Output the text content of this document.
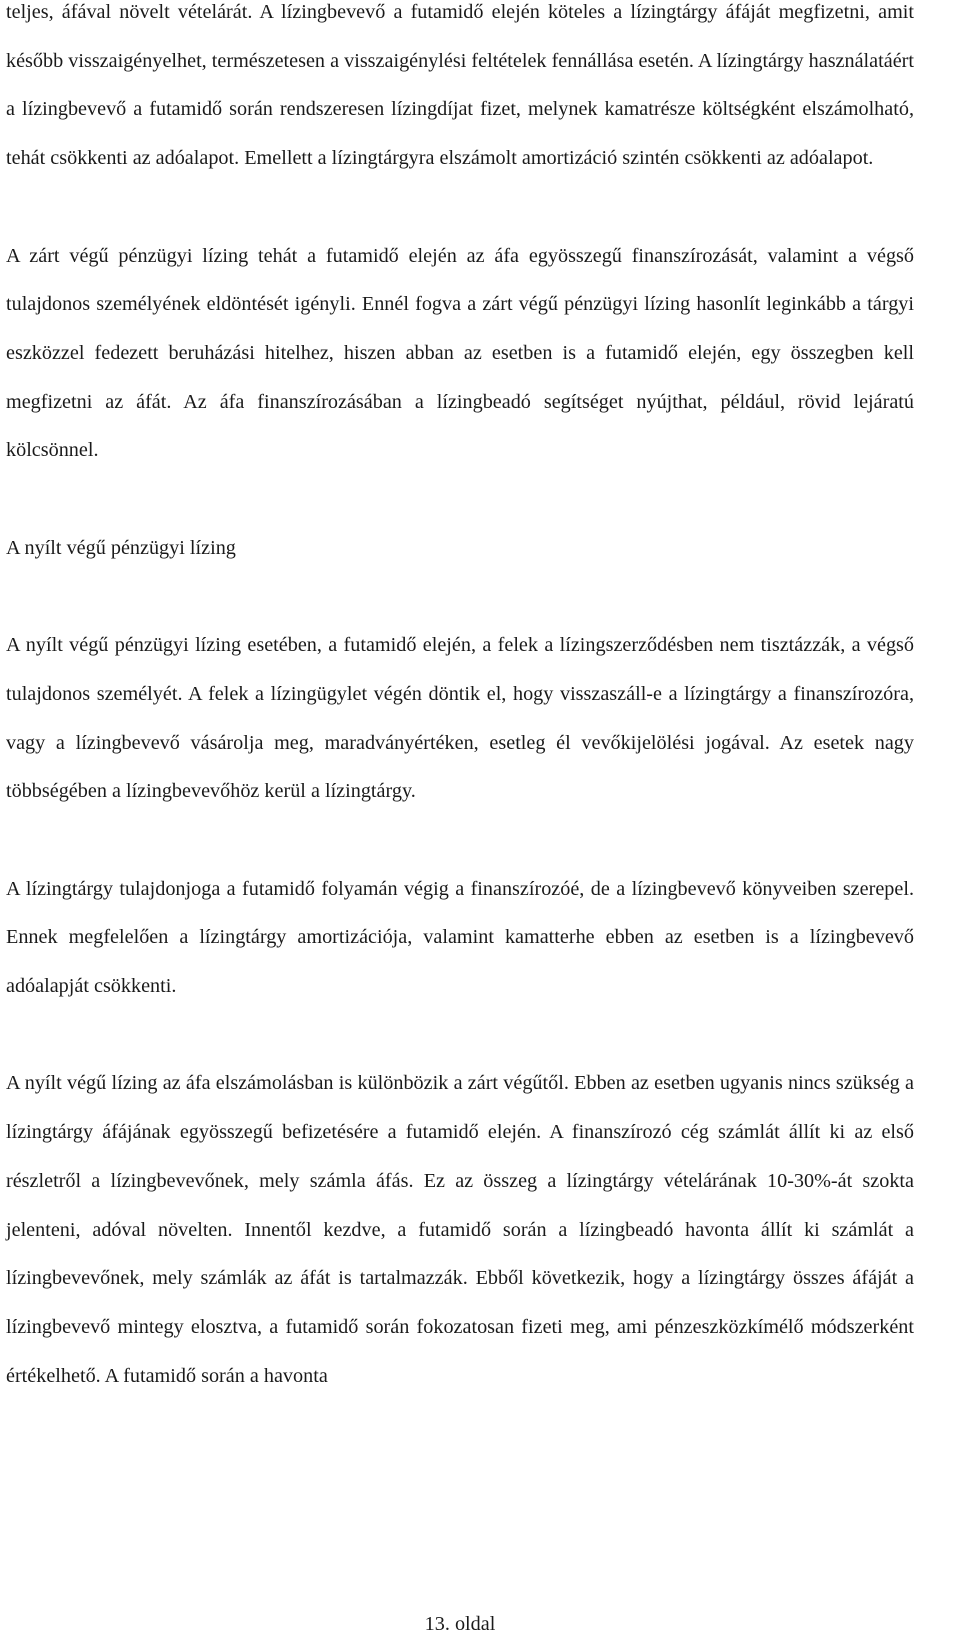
teljes, áfával növelt vételárát. A lízingbevevő a futamidő elején köteles a lízingtárgy áfáját megfizetni, amit később visszaigényelhet, természetesen a visszaigénylési feltételek fennállása esetén. A lízingtárgy használatáért a lízingbevevő a futamidő során rendszeresen lízingdíjat fizet, melynek kamatrésze költségként elszámolható, tehát csökkenti az adóalapot. Emellett a lízingtárgyra elszámolt amortizáció szintén csökkenti az adóalapot.

A zárt végű pénzügyi lízing tehát a futamidő elején az áfa egyösszegű finanszírozását, valamint a végső tulajdonos személyének eldöntését igényli. Ennél fogva a zárt végű pénzügyi lízing hasonlít leginkább a tárgyi eszközzel fedezett beruházási hitelhez, hiszen abban az esetben is a futamidő elején, egy összegben kell megfizetni az áfát. Az áfa finanszírozásában a lízingbeadó segítséget nyújthat, például, rövid lejáratú kölcsönnel.

A nyílt végű pénzügyi lízing

A nyílt végű pénzügyi lízing esetében, a futamidő elején, a felek a lízingszerződésben nem tisztázzák, a végső tulajdonos személyét. A felek a lízingügylet végén döntik el, hogy visszaszáll-e a lízingtárgy a finanszírozóra, vagy a lízingbevevő vásárolja meg, maradványértéken, esetleg él vevőkijelölési jogával. Az esetek nagy többségében a lízingbevevőhöz kerül a lízingtárgy.

A lízingtárgy tulajdonjoga a futamidő folyamán végig a finanszírozóé, de a lízingbevevő könyveiben szerepel. Ennek megfelelően a lízingtárgy amortizációja, valamint kamatterhe ebben az esetben is a lízingbevevő adóalapját csökkenti.

A nyílt végű lízing az áfa elszámolásban is különbözik a zárt végűtől. Ebben az esetben ugyanis nincs szükség a lízingtárgy áfájának egyösszegű befizetésére a futamidő elején. A finanszírozó cég számlát állít ki az első részletről a lízingbevevőnek, mely számla áfás. Ez az összeg a lízingtárgy vételárának 10-30%-át szokta jelenteni, adóval növelten. Innentől kezdve, a futamidő során a lízingbeadó havonta állít ki számlát a lízingbevevőnek, mely számlák az áfát is tartalmazzák. Ebből következik, hogy a lízingtárgy összes áfáját a lízingbevevő mintegy elosztva, a futamidő során fokozatosan fizeti meg, ami pénzeszközkímélő módszerként értékelhető. A futamidő során a havonta

13. oldal
